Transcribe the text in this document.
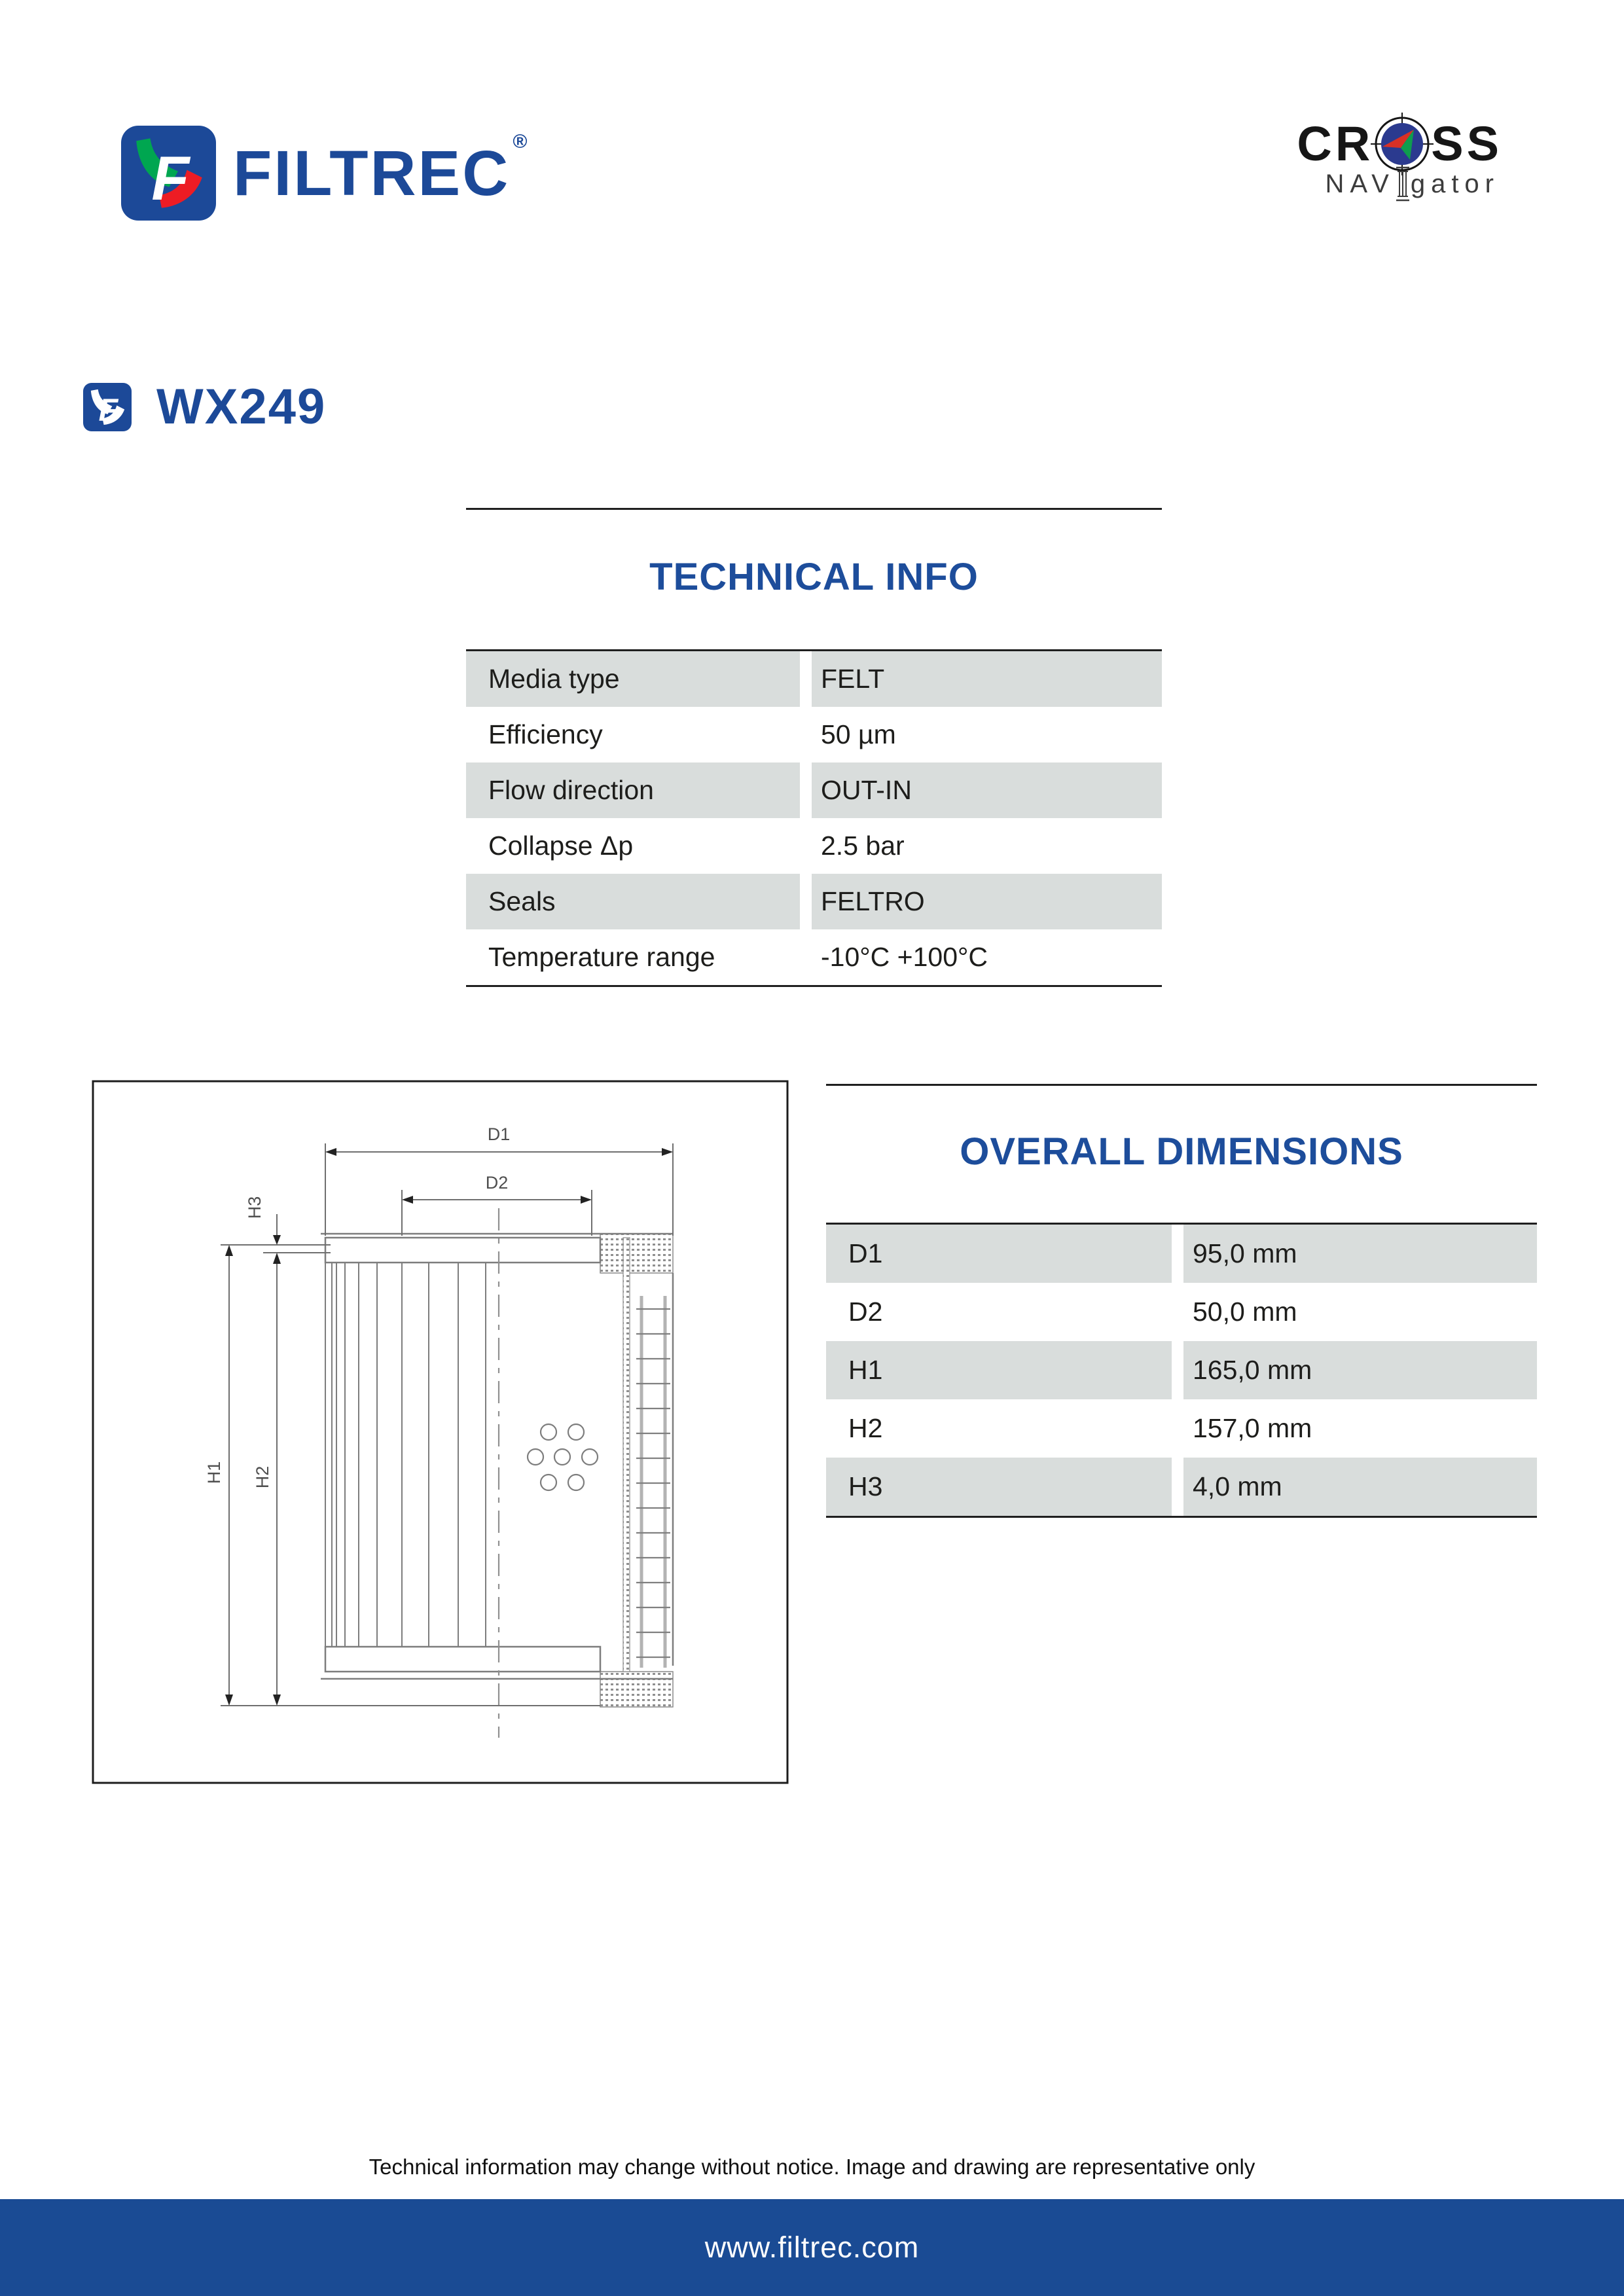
F FILTREC ®	CR SS
NAV gator
F WX249
TECHNICAL INFO
Media type	FELT
Efficiency	50 µm
Flow direction	OUT-IN
Collapse Δp	2.5 bar
Seals	FELTRO
Temperature range	-10°C +100°C
D1
D2
H1 H2
H3
OVERALL DIMENSIONS
D1	95,0 mm
D2	50,0 mm
H1	165,0 mm
H2	157,0 mm
H3	4,0 mm
Technical information may change without notice. Image and drawing are representative only
www.filtrec.com
